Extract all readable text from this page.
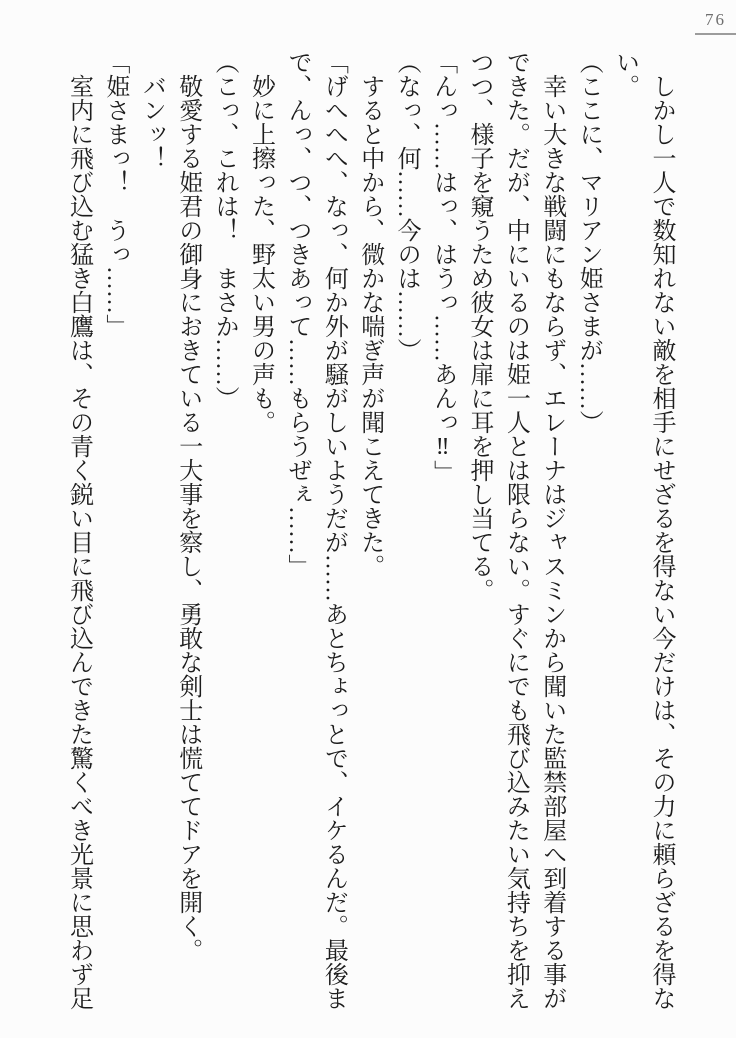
76
　しかし一人で数知れない敵を相手にせざるを得ない今だけは、その力に頼らざるを得な
い。
（ここに、マリアン姫さまが……）
　幸い大きな戦闘にもならず、エレーナはジャスミンから聞いた監禁部屋へ到着する事が
できた。だが、中にいるのは姫一人とは限らない。すぐにでも飛び込みたい気持ちを抑え
つつ、様子を窺うため彼女は扉に耳を押し当てる。
「んっ……はっ、はうっ……あんっ‼」
（なっ、何……今のは……）
　すると中から、微かな喘ぎ声が聞こえてきた。
「げへへへ、なっ、何か外が騒がしいようだが……あとちょっとで、イケるんだ。最後ま
で、んっ、つ、つきあって……もらうぜぇ……」
　妙に上擦った、野太い男の声も。
（こっ、これは！　まさか……）
　敬愛する姫君の御身におきている一大事を察し、勇敢な剣士は慌ててドアを開く。
　バンッ！
「姫さまっ！　うっ……」
　室内に飛び込む猛き白鷹は、その青く鋭い目に飛び込んできた驚くべき光景に思わず足
